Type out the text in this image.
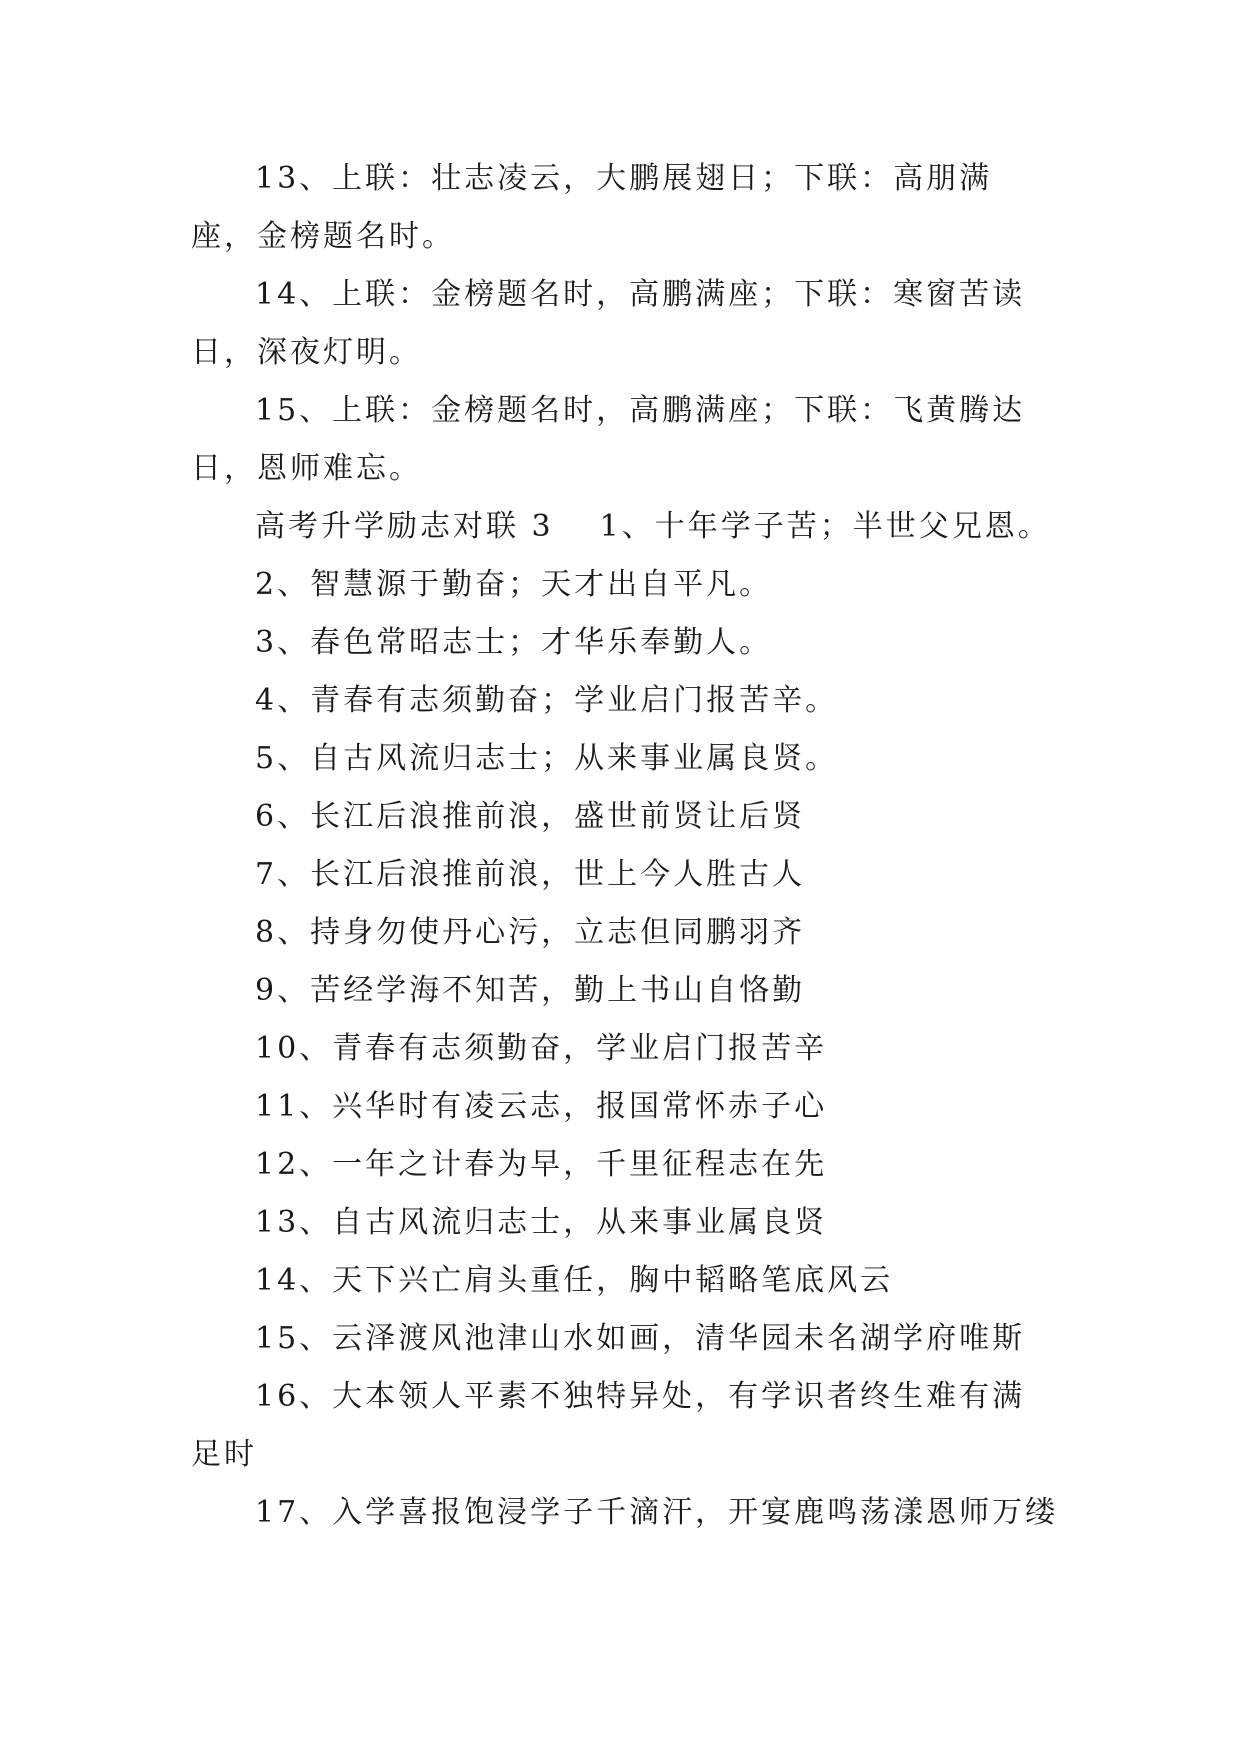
13、上联：壮志凌云，大鹏展翅日；下联：高朋满座，金榜题名时。

14、上联：金榜题名时，高鹏满座；下联：寒窗苦读日，深夜灯明。

15、上联：金榜题名时，高鹏满座；下联：飞黄腾达日，恩师难忘。

高考升学励志对联 3 1、十年学子苦；半世父兄恩。

2、智慧源于勤奋；天才出自平凡。

3、春色常昭志士；才华乐奉勤人。

4、青春有志须勤奋；学业启门报苦辛。

5、自古风流归志士；从来事业属良贤。

6、长江后浪推前浪，盛世前贤让后贤

7、长江后浪推前浪，世上今人胜古人

8、持身勿使丹心污，立志但同鹏羽齐

9、苦经学海不知苦，勤上书山自恪勤

10、青春有志须勤奋，学业启门报苦辛

11、兴华时有凌云志，报国常怀赤子心

12、一年之计春为早，千里征程志在先

13、自古风流归志士，从来事业属良贤

14、天下兴亡肩头重任，胸中韬略笔底风云

15、云泽渡风池津山水如画，清华园未名湖学府唯斯

16、大本领人平素不独特异处，有学识者终生难有满足时

17、入学喜报饱浸学子千滴汗，开宴鹿鸣荡漾恩师万缕
